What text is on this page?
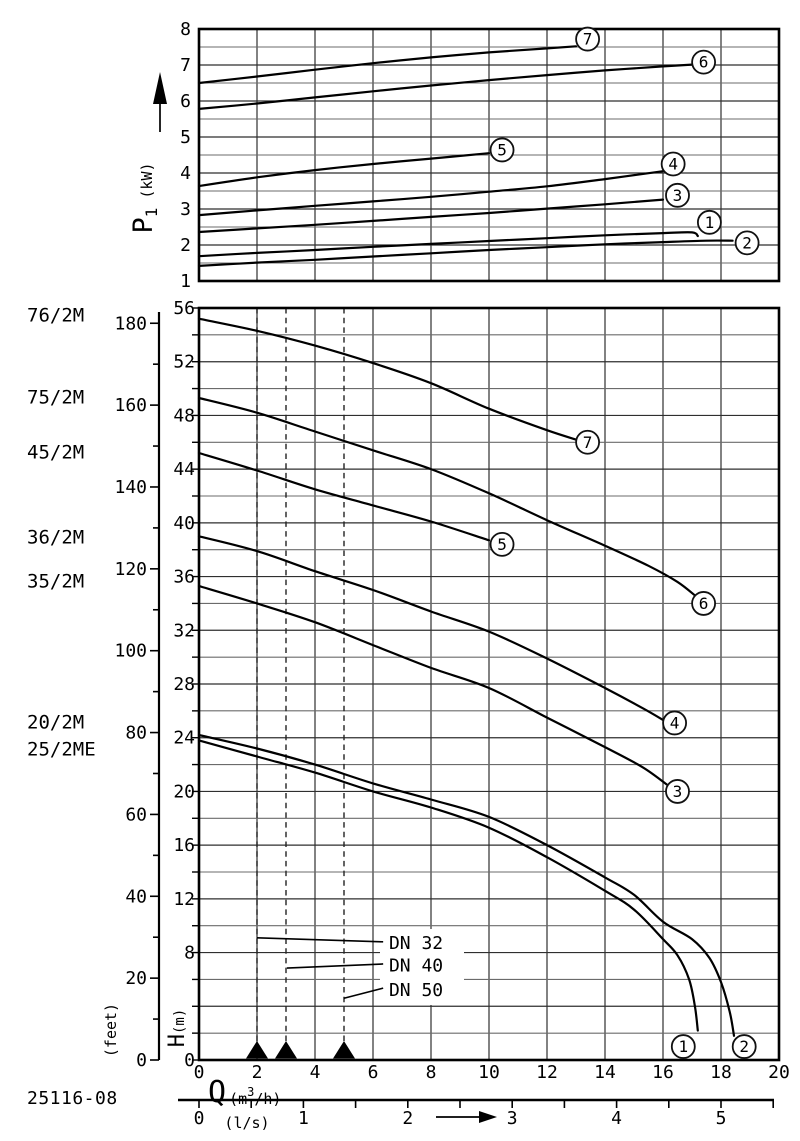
1
2
3
4
5
6
7
8
P1 (kW)
7
6
5
4
3
1
2
DN 32
DN 40
DN 50
0
8
12
16
20
24
28
32
36
40
44
48
52
56
H(m)
0
20
40
60
80
100
120
140
160
180
(feet)
0	2	4	6	8 10 12 14 16 18 20
Q ($m^3_{/h)}$
0	1	2	3	4	5
(l/s)
7
6
5
4
3
2
1
76/2M
75/2M
45/2M
36/2M
35/2M
20/2M
25/2ME
25116-08
